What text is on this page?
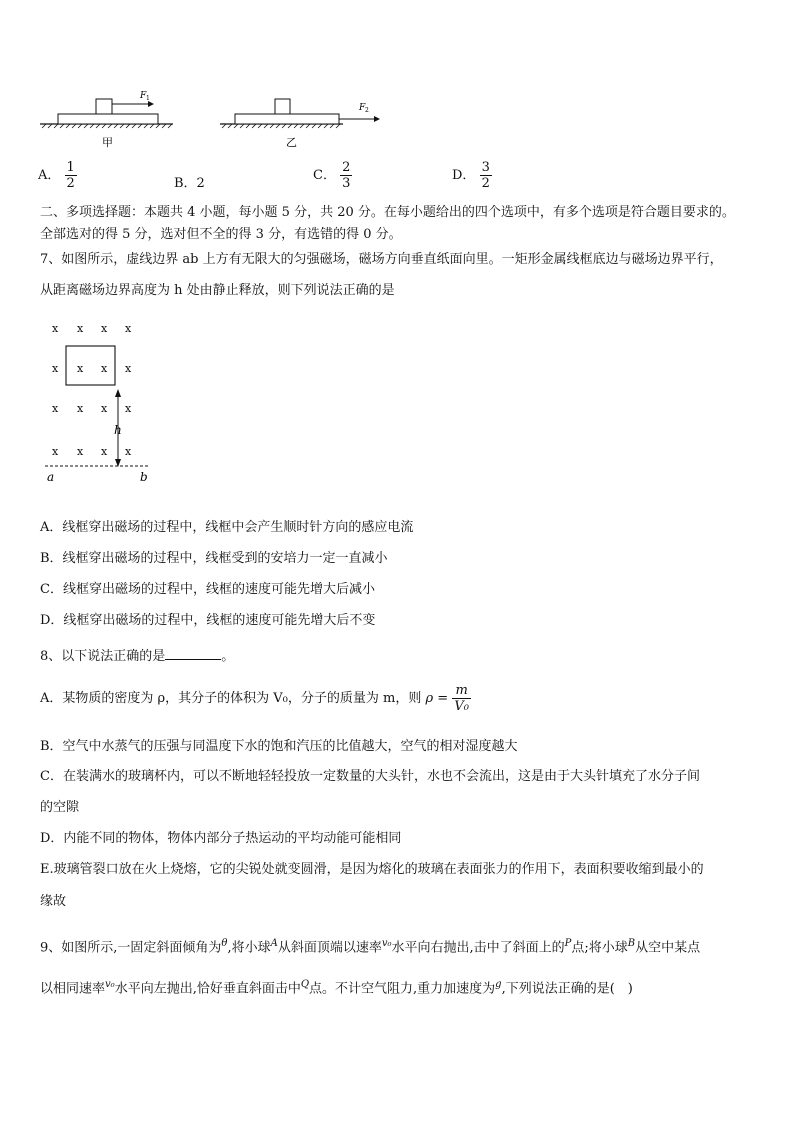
F 1
甲
F 2
乙
A． $\frac{1}{2}$	B．2
C． $\frac{2}{3}$	D． $\frac{3}{2}$
二、多项选择题：本题共 4 小题，每小题 5 分，共 20 分。在每小题给出的四个选项中，有多个选项是符合题目要求的。
全部选对的得 5 分，选对但不全的得 3 分，有选错的得 0 分。
7、如图所示，虚线边界 ab 上方有无限大的匀强磁场，磁场方向垂直纸面向里。一矩形金属线框底边与磁场边界平行，
从距离磁场边界高度为 h 处由静止释放，则下列说法正确的是
x x x x
x x x x
x x x x
x x x x
h
a	b
A．线框穿出磁场的过程中，线框中会产生顺时针方向的感应电流
B．线框穿出磁场的过程中，线框受到的安培力一定一直减小
C．线框穿出磁场的过程中，线框的速度可能先增大后减小
D．线框穿出磁场的过程中，线框的速度可能先增大后不变
8、以下说法正确的是	。
A．某物质的密度为 ρ，其分子的体积为 V₀，分子的质量为 m，则 $\rho = \frac{m}{\text{V₀}}$
B．空气中水蒸气的压强与同温度下水的饱和汽压的比值越大，空气的相对湿度越大
C．在装满水的玻璃杯内，可以不断地轻轻投放一定数量的大头针，水也不会流出，这是由于大头针填充了水分子间
的空隙
D．内能不同的物体，物体内部分子热运动的平均动能可能相同
E.玻璃管裂口放在火上烧熔，它的尖锐处就变圆滑，是因为熔化的玻璃在表面张力的作用下，表面积要收缩到最小的
缘故
9、如图所示,一固定斜面倾角为$^\theta$,将小球$^A$从斜面顶端以速率$^{v_0}$水平向右抛出,击中了斜面上的$^P$点;将小球$^B$从空中某点
以相同速率$^{v_0}$水平向左抛出,恰好垂直斜面击中$^Q$点。不计空气阻力,重力加速度为$^g$,下列说法正确的是(　)
